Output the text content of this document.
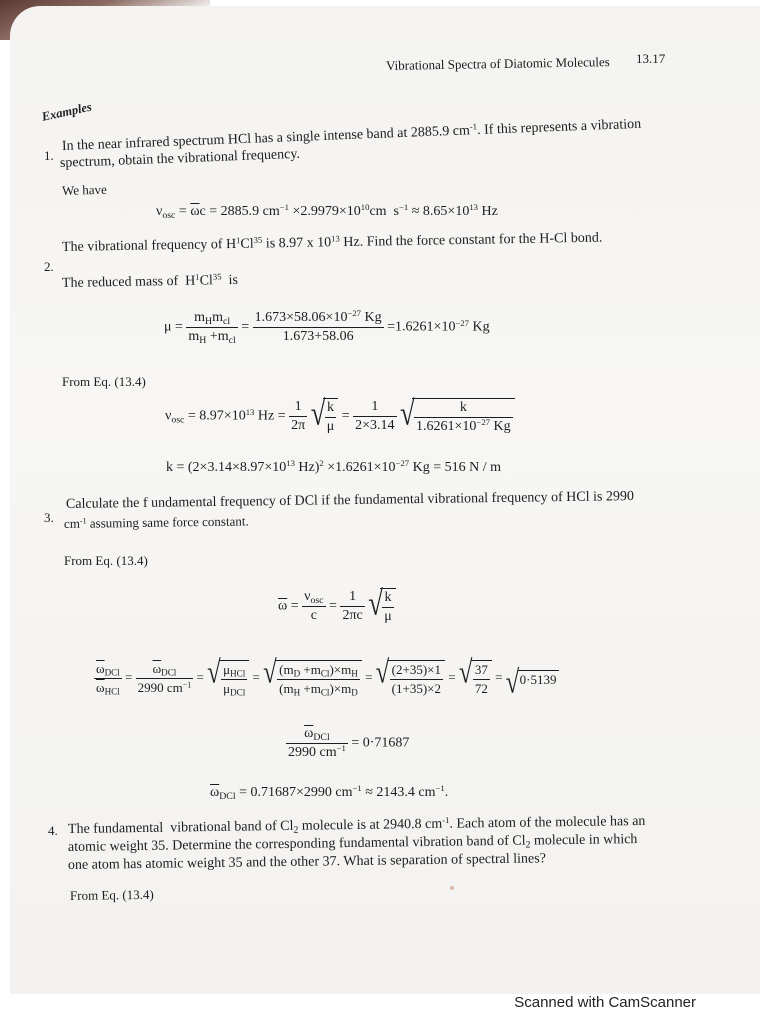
Vibrational Spectra of Diatomic Molecules 13.17
Examples
1.
In the near infrared spectrum HCl has a single intense band at 2885.9 $cm^{-1}$. If this represents a vibration
spectrum, obtain the vibrational frequency.
We have
$\nu_{osc} = \overline{\omega}c = 2885.9$ $cm^{-1} \times 2.9979\times 10^{10}cm$  $s^{-1} \approx 8.65\times 10^{13}$ Hz
2.
The vibrational frequency of $H^1Cl^{35}$ is 8.97 x $10^{13}$ Hz. Find the force constant for the H-Cl bond.
The reduced mass of  $H^1Cl^{35}$  is
$\mu = \frac{m_Hm_{cl}}{m_H +m_{cl}} = \frac{1.673\times 58.06\times 10^{-27} Kg}{1.673+58.06} =1.6261\times 10^{-27}$ Kg
From Eq. (13.4)
$\nu_{osc} = 8.97\times 10^{13}$ $Hz = \frac{1}{2\pi}$
√ $\frac{k}{\mu} = \frac{1}{2\times 3.14}$
√ $\frac{k}{1.6261\times 10^{-27} Kg}$
$k = (2\times 3.14\times 8.97\times 10^{13}$ $Hz)^2 \times 1.6261\times 10^{-27}$ Kg = 516 N / m
3.
Calculate the f undamental frequency of DCl if the fundamental vibrational frequency of HCl is 2990
$cm^{-1}$ assuming same force constant.
From Eq. (13.4)
$\overline{\omega} = \frac{\nu_{osc}}{c} = \frac{1}{2\pi c}$
√ $\frac{k}{\mu}$
$\frac{\overline{\omega}_{DCl}}{\overline{\omega}_{HCl}} = \frac{\overline{\omega}_{DCl}}{2990 cm^{-1}}$ = √ $\frac{\mu_{HCl}}{\mu_{DCl}}$ = √ $\frac{(m_D +m_{Cl})\times m_H}{(m_H +m_{Cl})\times m_D}$ = √ $\frac{(2+35)\times 1}{(1+35)\times 2}$ = √ $\frac{37}{72}$ = √ 0·5139
$\frac{\overline{\omega}_{DCl}}{2990 cm^{-1}} = 0\cdot 71687$
$\overline{\omega}_{DCl} = 0.71687\times 2990$ $cm^{-1} \approx 2143.4$ $cm^{-1}$.
4. The fundamental  vibrational band of $Cl_2$ molecule is at 2940.8 $cm^{-1}$. Each atom of the molecule has an
atomic weight 35. Determine the corresponding fundamental vibration band of $Cl_2$ molecule in which
one atom has atomic weight 35 and the other 37. What is separation of spectral lines?
From Eq. (13.4)
Scanned with CamScanner
